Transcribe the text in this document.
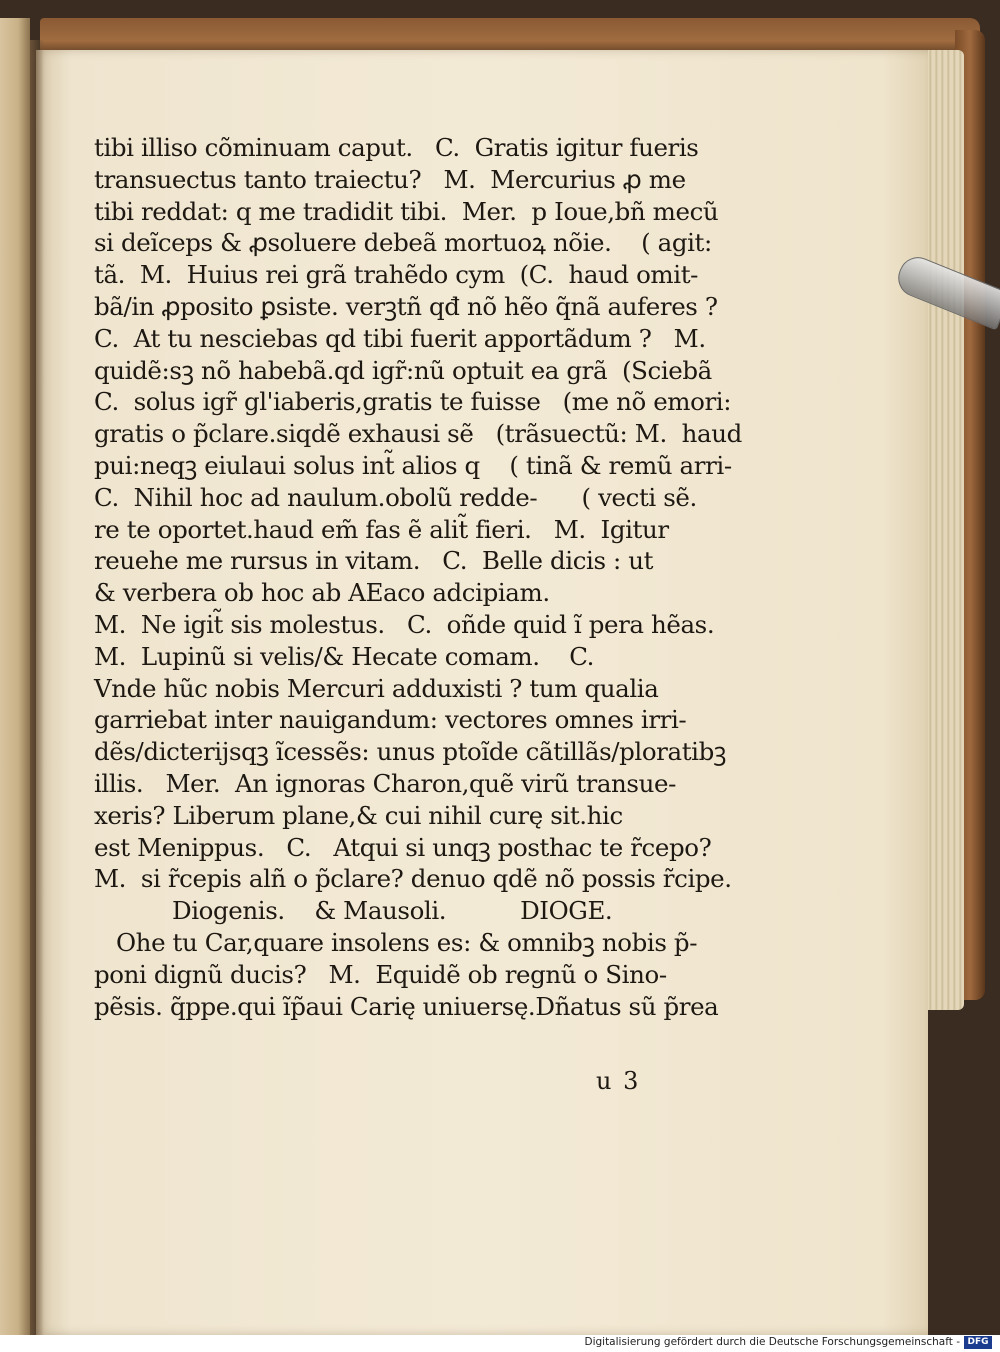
tibi illiso cõminuam caput.   C.  Gratis igitur fueris
transuectus tanto traiectu?   M.  Mercurius ꝓ me
tibi reddat: q me tradidit tibi.  Mer.  p Ioue,bñ mecũ
si deĩceps & ꝓsoluere debeã mortuoꝝ nõie.    ( agit:
tã.  M.  Huius rei grã trahẽdo cym  (C.  haud omit-
bã/in ꝓposito ꝑsiste. verꝫtñ qđ nõ hẽo q̃nã auferes ?
C.  At tu nesciebas qd tibi fuerit apportãdum ?   M.
quidẽ:sꝫ nõ habebã.qd igr̃:nũ optuit ea grã  (Sciebã
C.  solus igr̃ gl'iaberis,gratis te fuisse   (me nõ emori:
gratis o p̃clare.siqdẽ exhausi sẽ   (trãsuectũ: M.  haud
pui:neqꝫ eiulaui solus int̃ alios q    ( tinã & remũ arri-
C.  Nihil hoc ad naulum.obolũ redde-      ( vecti sẽ.
re te oportet.haud em̃ fas ẽ alit̃ fieri.   M.  Igitur
reuehe me rursus in vitam.   C.  Belle dicis : ut
& verbera ob hoc ab AEaco adcipiam.
M.  Ne igit̃ sis molestus.   C.  oñde quid ĩ pera hẽas.
M.  Lupinũ si velis/& Hecate comam.    C.
Vnde hũc nobis Mercuri adduxisti ? tum qualia
garriebat inter nauigandum: vectores omnes irri-
dẽs/dicterijsqꝫ ĩcessẽs: unus ptoĩde cãtillãs/ploratibꝫ
illis.   Mer.  An ignoras Charon,quẽ virũ transue-
xeris? Liberum plane,& cui nihil curę sit.hic
est Menippus.   C.   Atqui si unqꝫ posthac te r̃cepo?
M.  si r̃cepis alñ o p̃clare? denuo qdẽ nõ possis r̃cipe.
Diogenis.    & Mausoli.          DIOGE.
Ohe tu Car,quare insolens es: & omnibꝫ nobis p̃-
poni dignũ ducis?   M.  Equidẽ ob regnũ o Sino-
pẽsis. q̃ppe.qui ĩp̃aui Carię uniuersę.Dñatus sũ p̃rea
u 3
Digitalisierung gefördert durch die Deutsche Forschungsgemeinschaft - DFG
